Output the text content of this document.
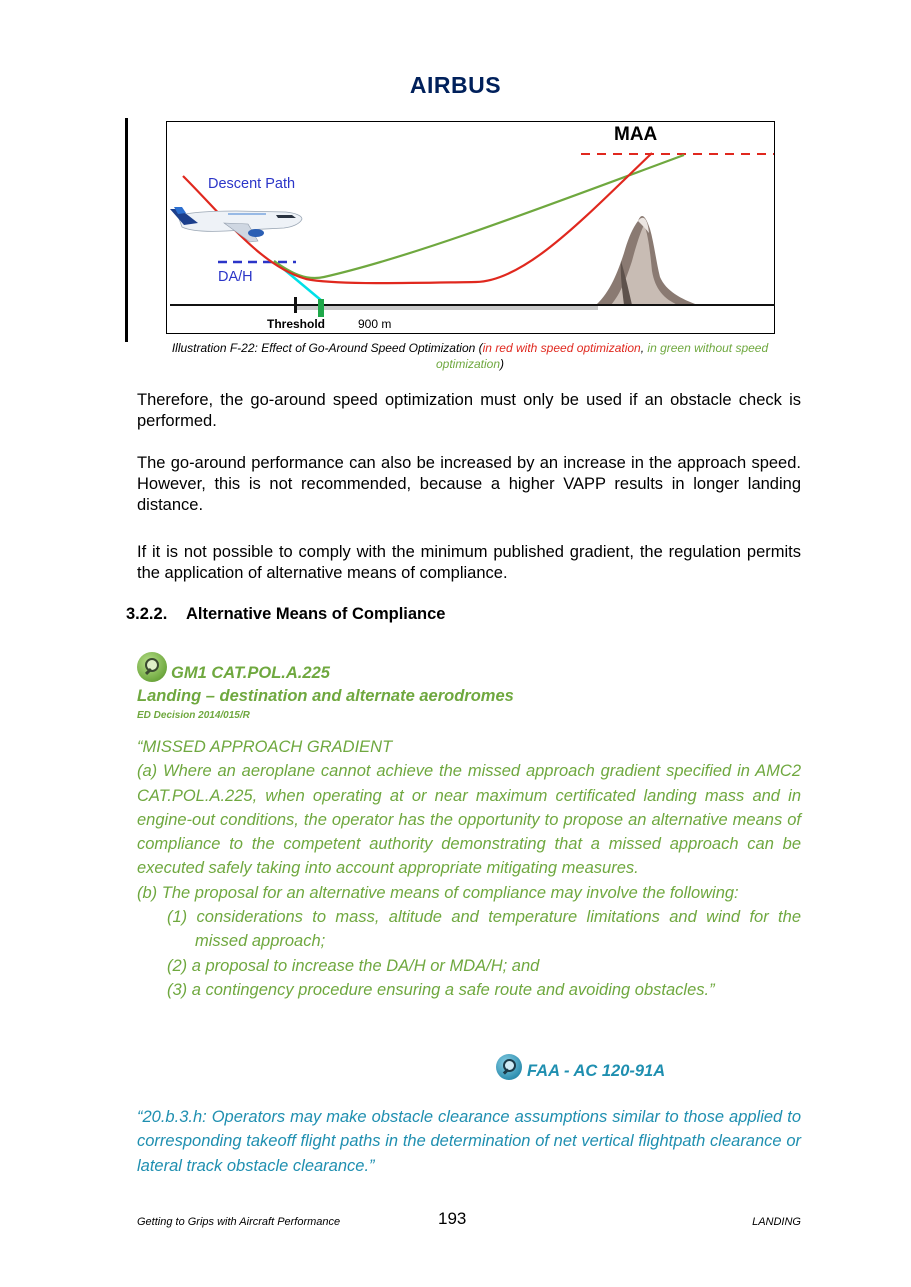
AIRBUS
MAA
Descent Path
DA/H
Threshold	900 m
Illustration F-22: Effect of Go-Around Speed Optimization (in red with speed optimization, in green without speed optimization)
Therefore, the go-around speed optimization must only be used if an obstacle check is performed.
The go-around performance can also be increased by an increase in the approach speed. However, this is not recommended, because a higher VAPP results in longer landing distance.
If it is not possible to comply with the minimum published gradient, the regulation permits the application of alternative means of compliance.
3.2.2. Alternative Means of Compliance
GM1 CAT.POL.A.225
Landing – destination and alternate aerodromes
ED Decision 2014/015/R

“MISSED APPROACH GRADIENT

(a) Where an aeroplane cannot achieve the missed approach gradient specified in AMC2 CAT.POL.A.225, when operating at or near maximum certificated landing mass and in engine-out conditions, the operator has the opportunity to propose an alternative means of compliance to the competent authority demonstrating that a missed approach can be executed safely taking into account appropriate mitigating measures.

(b) The proposal for an alternative means of compliance may involve the following:

(1) considerations to mass, altitude and temperature limitations and wind for the missed approach;

(2) a proposal to increase the DA/H or MDA/H; and

(3) a contingency procedure ensuring a safe route and avoiding obstacles.”

FAA - AC 120-91A
“20.b.3.h: Operators may make obstacle clearance assumptions similar to those applied to corresponding takeoff flight paths in the determination of net vertical flightpath clearance or lateral track obstacle clearance.”
Getting to Grips with Aircraft Performance	193	LANDING
